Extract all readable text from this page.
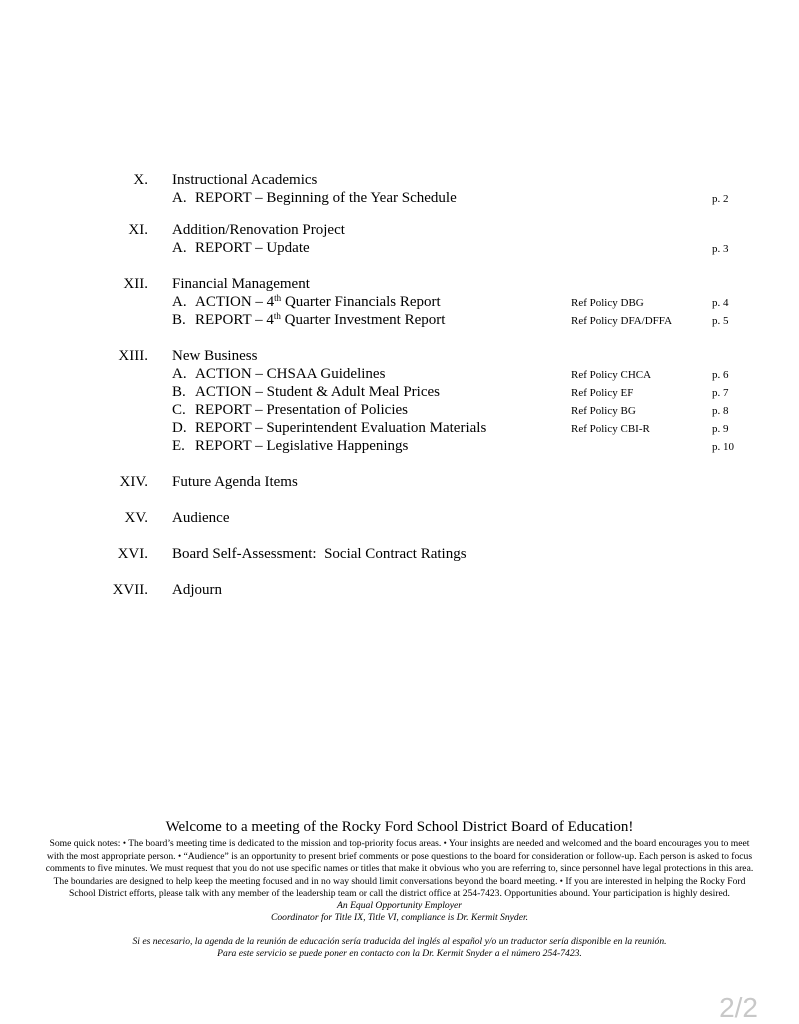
X. Instructional Academics
A. REPORT – Beginning of the Year Schedule	p. 2
XI. Addition/Renovation Project
A. REPORT – Update	p. 3
XII. Financial Management
A. ACTION – 4th Quarter Financials Report	Ref Policy DBG	p. 4
B. REPORT – 4th Quarter Investment Report	Ref Policy DFA/DFFA	p. 5
XIII. New Business
A. ACTION – CHSAA Guidelines	Ref Policy CHCA	p. 6
B. ACTION – Student & Adult Meal Prices	Ref Policy EF	p. 7
C. REPORT – Presentation of Policies	Ref Policy BG	p. 8
D. REPORT – Superintendent Evaluation Materials	Ref Policy CBI-R	p. 9
E. REPORT – Legislative Happenings	p. 10
XIV. Future Agenda Items
XV. Audience
XVI. Board Self-Assessment:  Social Contract Ratings
XVII. Adjourn
Welcome to a meeting of the Rocky Ford School District Board of Education!
Some quick notes: • The board’s meeting time is dedicated to the mission and top-priority focus areas. • Your insights are needed and welcomed and the board encourages you to meet with the most appropriate person. • “Audience” is an opportunity to present brief comments or pose questions to the board for consideration or follow-up. Each person is asked to focus comments to five minutes. We must request that you do not use specific names or titles that make it obvious who you are referring to, since personnel have legal protections in this area. The boundaries are designed to help keep the meeting focused and in no way should limit conversations beyond the board meeting. • If you are interested in helping the Rocky Ford School District efforts, please talk with any member of the leadership team or call the district office at 254-7423. Opportunities abound. Your participation is highly desired.
An Equal Opportunity Employer
Coordinator for Title IX, Title VI, compliance is Dr. Kermit Snyder.
Si es necesario, la agenda de la reunión de educación sería traducida del inglés al español y/o un traductor sería disponible en la reunión.
Para este servicio se puede poner en contacto con la Dr. Kermit Snyder a el número 254-7423.
2/2
